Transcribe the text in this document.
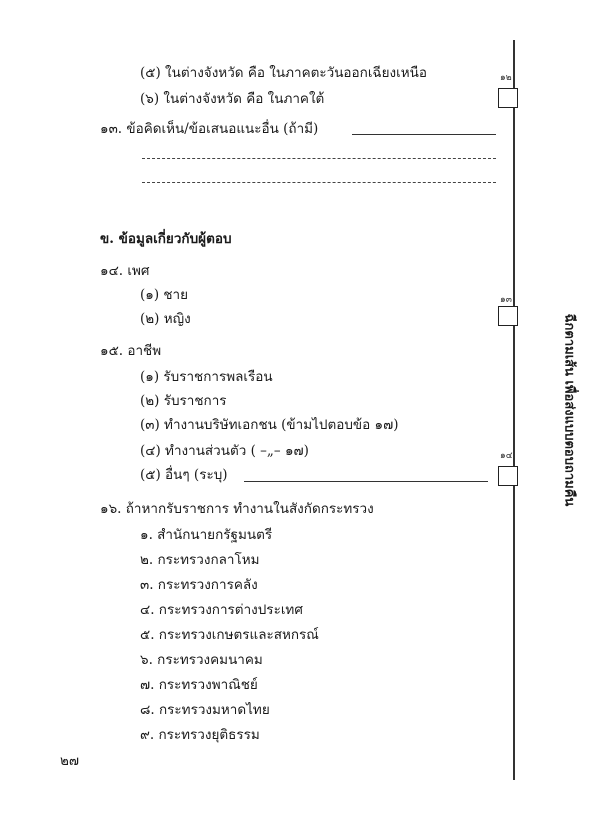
ฉีกตามเส้น เพื่อส่งแบบตอบถามคืน
(๕) ในต่างจังหวัด คือ ในภาคตะวันออกเฉียงเหนือ	๑๒
(๖) ในต่างจังหวัด คือ ในภาคใต้
๑๓. ข้อคิดเห็น/ข้อเสนอแนะอื่น (ถ้ามี)
ข. ข้อมูลเกี่ยวกับผู้ตอบ
๑๔. เพศ
(๑) ชาย	๑๓
(๒) หญิง
๑๕. อาชีพ
(๑) รับราชการพลเรือน
(๒) รับราชการ
(๓) ทำงานบริษัทเอกชน (ข้ามไปตอบข้อ ๑๗)
(๔) ทำงานส่วนตัว ( –„– ๑๗)	๑๔
(๕) อื่นๆ (ระบุ)
๑๖. ถ้าหากรับราชการ ทำงานในสังกัดกระทรวง
๑. สำนักนายกรัฐมนตรี
๒. กระทรวงกลาโหม
๓. กระทรวงการคลัง
๔. กระทรวงการต่างประเทศ
๕. กระทรวงเกษตรและสหกรณ์
๖. กระทรวงคมนาคม
๗. กระทรวงพาณิชย์
๘. กระทรวงมหาดไทย
๙. กระทรวงยุติธรรม
๒๗
